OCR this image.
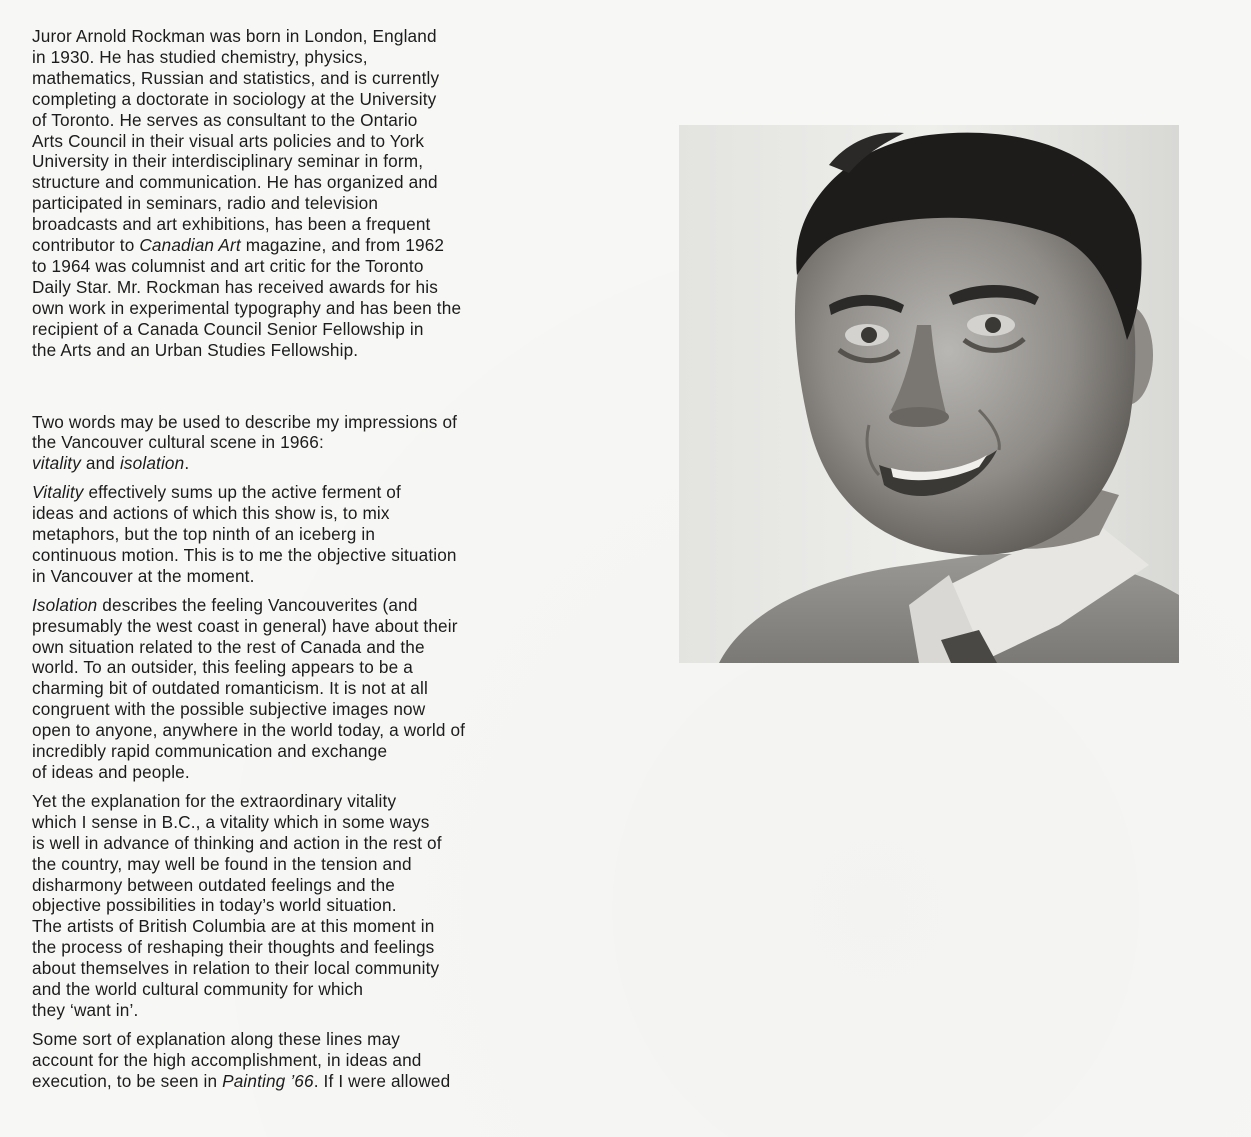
Juror Arnold Rockman was born in London, England
in 1930. He has studied chemistry, physics,
mathematics, Russian and statistics, and is currently
completing a doctorate in sociology at the University
of Toronto. He serves as consultant to the Ontario
Arts Council in their visual arts policies and to York
University in their interdisciplinary seminar in form,
structure and communication. He has organized and
participated in seminars, radio and television
broadcasts and art exhibitions, has been a frequent
contributor to Canadian Art magazine, and from 1962
to 1964 was columnist and art critic for the Toronto
Daily Star. Mr. Rockman has received awards for his
own work in experimental typography and has been the
recipient of a Canada Council Senior Fellowship in
the Arts and an Urban Studies Fellowship.

Two words may be used to describe my impressions of
the Vancouver cultural scene in 1966:
vitality and isolation.

Vitality effectively sums up the active ferment of
ideas and actions of which this show is, to mix
metaphors, but the top ninth of an iceberg in
continuous motion. This is to me the objective situation
in Vancouver at the moment.

Isolation describes the feeling Vancouverites (and
presumably the west coast in general) have about their
own situation related to the rest of Canada and the
world. To an outsider, this feeling appears to be a
charming bit of outdated romanticism. It is not at all
congruent with the possible subjective images now
open to anyone, anywhere in the world today, a world of
incredibly rapid communication and exchange
of ideas and people.

Yet the explanation for the extraordinary vitality
which I sense in B.C., a vitality which in some ways
is well in advance of thinking and action in the rest of
the country, may well be found in the tension and
disharmony between outdated feelings and the
objective possibilities in today’s world situation.
The artists of British Columbia are at this moment in
the process of reshaping their thoughts and feelings
about themselves in relation to their local community
and the world cultural community for which
they ‘want in’.

Some sort of explanation along these lines may
account for the high accomplishment, in ideas and
execution, to be seen in Painting ’66. If I were allowed
